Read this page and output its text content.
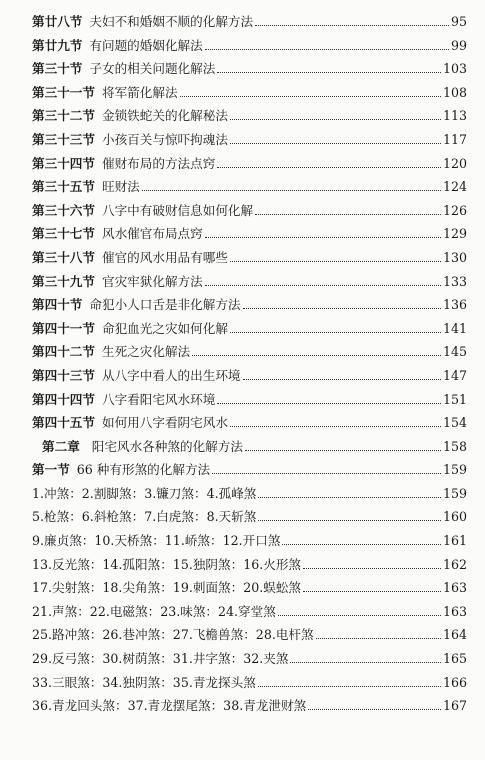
第廿八节 夫妇不和婚姻不顺的化解方法	95
第廿九节 有问题的婚姻化解法	99
第三十节 子女的相关问题化解法	103
第三十一节 将军箭化解法	108
第三十二节 金锁铁蛇关的化解秘法	113
第三十三节 小孩百关与惊吓拘魂法	117
第三十四节 催财布局的方法点窍	120
第三十五节 旺财法	124
第三十六节 八字中有破财信息如何化解	126
第三十七节 风水催官布局点窍	129
第三十八节 催官的风水用品有哪些	130
第三十九节 官灾牢狱化解方法	133
第四十节 命犯小人口舌是非化解方法	136
第四十一节 命犯血光之灾如何化解	141
第四十二节 生死之灾化解法	145
第四十三节 从八字中看人的出生环境	147
第四十四节 八字看阳宅风水环境	151
第四十五节 如何用八字看阴宅风水	154
第二章 阳宅风水各种煞的化解方法	158
第一节 66 种有形煞的化解方法	159
1.冲煞：2.割脚煞：3.镰刀煞：4.孤峰煞	159
5.枪煞：6.斜枪煞：7.白虎煞：8.天斩煞	160
9.廉贞煞：10.天桥煞：11.峤煞：12.开口煞	161
13.反光煞：14.孤阳煞：15.独阴煞：16.火形煞	162
17.尖射煞：18.尖角煞：19.刺面煞：20.蜈蚣煞	163
21.声煞：22.电磁煞：23.味煞：24.穿堂煞	163
25.路冲煞：26.巷冲煞：27.飞檐兽煞：28.电杆煞	164
29.反弓煞：30.树荫煞：31.井字煞：32.夹煞	165
33.三眼煞：34.独阴煞：35.青龙探头煞	166
36.青龙回头煞：37.青龙摆尾煞：38.青龙泄财煞	167
